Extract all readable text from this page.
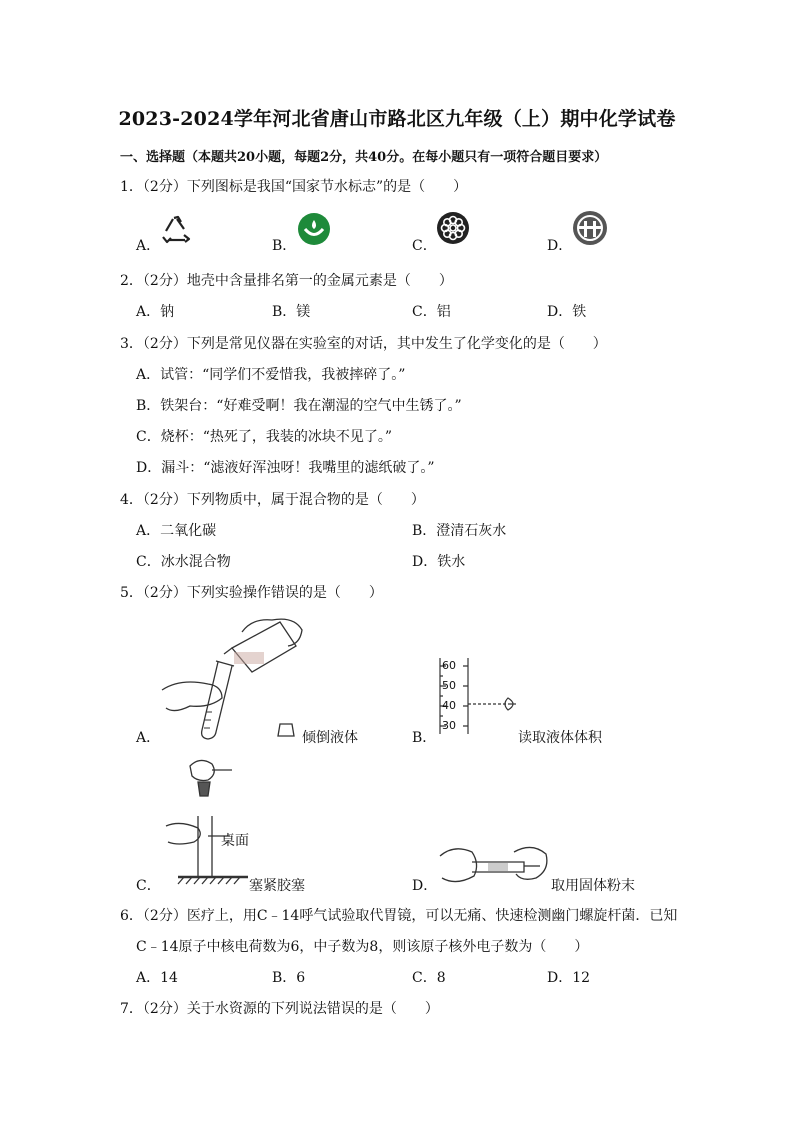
2023-2024学年河北省唐山市路北区九年级（上）期中化学试卷
一、选择题（本题共20小题，每题2分，共40分。在每小题只有一项符合题目要求）
1．（2分）下列图标是我国“国家节水标志”的是（　　）
A．	B．	C．	D．
2．（2分）地壳中含量排名第一的金属元素是（　　）
A．钠	B．镁	C．铝	D．铁
3．（2分）下列是常见仪器在实验室的对话，其中发生了化学变化的是（　　）
A．试管：“同学们不爱惜我，我被摔碎了。”
B．铁架台：“好难受啊！我在潮湿的空气中生锈了。”
C．烧杯：“热死了，我装的冰块不见了。”
D．漏斗：“滤液好浑浊呀！我嘴里的滤纸破了。”
4．（2分）下列物质中，属于混合物的是（　　）
A．二氧化碳	B．澄清石灰水
C．冰水混合物	D．铁水
5．（2分）下列实验操作错误的是（　　）
A．	倾倒液体	B．
60
50
40
30
读取液体体积
C．
桌面
塞紧胶塞	D．	取用固体粉末
6．（2分）医疗上，用C﹣14呼气试验取代胃镜，可以无痛、快速检测幽门螺旋杆菌．已知
C﹣14原子中核电荷数为6，中子数为8，则该原子核外电子数为（　　）
A．14	B．6	C．8	D．12
7．（2分）关于水资源的下列说法错误的是（　　）
